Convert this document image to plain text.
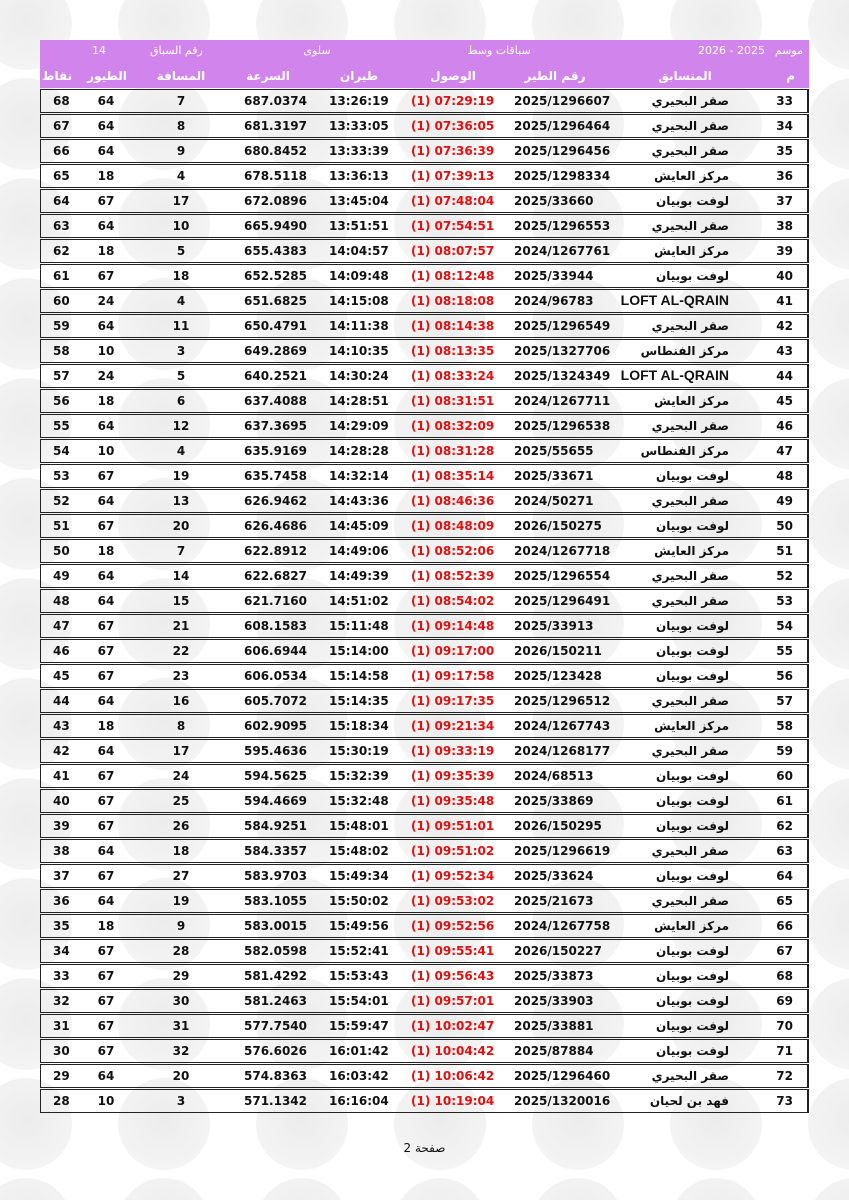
موسم
2026 - 2025
سباقات وسط
سلوى
رقم السباق
14
م
المتسابق
رقم الطير
الوصول
طيران
السرعة
المسافة
الطيور
نقاط
33
صقر البحيري
2025/1296607
(1) 07:29:19
13:26:19
687.0374
7
64
68
34
صقر البحيري
2025/1296464
(1) 07:36:05
13:33:05
681.3197
8
64
67
35
صقر البحيري
2025/1296456
(1) 07:36:39
13:33:39
680.8452
9
64
66
36
مركز العايش
2025/1298334
(1) 07:39:13
13:36:13
678.5118
4
18
65
37
لوفت بوبيان
2025/33660
(1) 07:48:04
13:45:04
672.0896
17
67
64
38
صقر البحيري
2025/1296553
(1) 07:54:51
13:51:51
665.9490
10
64
63
39
مركز العايش
2024/1267761
(1) 08:07:57
14:04:57
655.4383
5
18
62
40
لوفت بوبيان
2025/33944
(1) 08:12:48
14:09:48
652.5285
18
67
61
41
LOFT AL-QRAIN
2024/96783
(1) 08:18:08
14:15:08
651.6825
4
24
60
42
صقر البحيري
2025/1296549
(1) 08:14:38
14:11:38
650.4791
11
64
59
43
مركز الفنطاس
2025/1327706
(1) 08:13:35
14:10:35
649.2869
3
10
58
44
LOFT AL-QRAIN
2025/1324349
(1) 08:33:24
14:30:24
640.2521
5
24
57
45
مركز العايش
2024/1267711
(1) 08:31:51
14:28:51
637.4088
6
18
56
46
صقر البحيري
2025/1296538
(1) 08:32:09
14:29:09
637.3695
12
64
55
47
مركز الفنطاس
2025/55655
(1) 08:31:28
14:28:28
635.9169
4
10
54
48
لوفت بوبيان
2025/33671
(1) 08:35:14
14:32:14
635.7458
19
67
53
49
صقر البحيري
2024/50271
(1) 08:46:36
14:43:36
626.9462
13
64
52
50
لوفت بوبيان
2026/150275
(1) 08:48:09
14:45:09
626.4686
20
67
51
51
مركز العايش
2024/1267718
(1) 08:52:06
14:49:06
622.8912
7
18
50
52
صقر البحيري
2025/1296554
(1) 08:52:39
14:49:39
622.6827
14
64
49
53
صقر البحيري
2025/1296491
(1) 08:54:02
14:51:02
621.7160
15
64
48
54
لوفت بوبيان
2025/33913
(1) 09:14:48
15:11:48
608.1583
21
67
47
55
لوفت بوبيان
2026/150211
(1) 09:17:00
15:14:00
606.6944
22
67
46
56
لوفت بوبيان
2025/123428
(1) 09:17:58
15:14:58
606.0534
23
67
45
57
صقر البحيري
2025/1296512
(1) 09:17:35
15:14:35
605.7072
16
64
44
58
مركز العايش
2024/1267743
(1) 09:21:34
15:18:34
602.9095
8
18
43
59
صقر البحيري
2024/1268177
(1) 09:33:19
15:30:19
595.4636
17
64
42
60
لوفت بوبيان
2024/68513
(1) 09:35:39
15:32:39
594.5625
24
67
41
61
لوفت بوبيان
2025/33869
(1) 09:35:48
15:32:48
594.4669
25
67
40
62
لوفت بوبيان
2026/150295
(1) 09:51:01
15:48:01
584.9251
26
67
39
63
صقر البحيري
2025/1296619
(1) 09:51:02
15:48:02
584.3357
18
64
38
64
لوفت بوبيان
2025/33624
(1) 09:52:34
15:49:34
583.9703
27
67
37
65
صقر البحيري
2025/21673
(1) 09:53:02
15:50:02
583.1055
19
64
36
66
مركز العايش
2024/1267758
(1) 09:52:56
15:49:56
583.0015
9
18
35
67
لوفت بوبيان
2026/150227
(1) 09:55:41
15:52:41
582.0598
28
67
34
68
لوفت بوبيان
2025/33873
(1) 09:56:43
15:53:43
581.4292
29
67
33
69
لوفت بوبيان
2025/33903
(1) 09:57:01
15:54:01
581.2463
30
67
32
70
لوفت بوبيان
2025/33881
(1) 10:02:47
15:59:47
577.7540
31
67
31
71
لوفت بوبيان
2025/87884
(1) 10:04:42
16:01:42
576.6026
32
67
30
72
صقر البحيري
2025/1296460
(1) 10:06:42
16:03:42
574.8363
20
64
29
73
فهد بن لحيان
2025/1320016
(1) 10:19:04
16:16:04
571.1342
3
10
28
صفحة 2
